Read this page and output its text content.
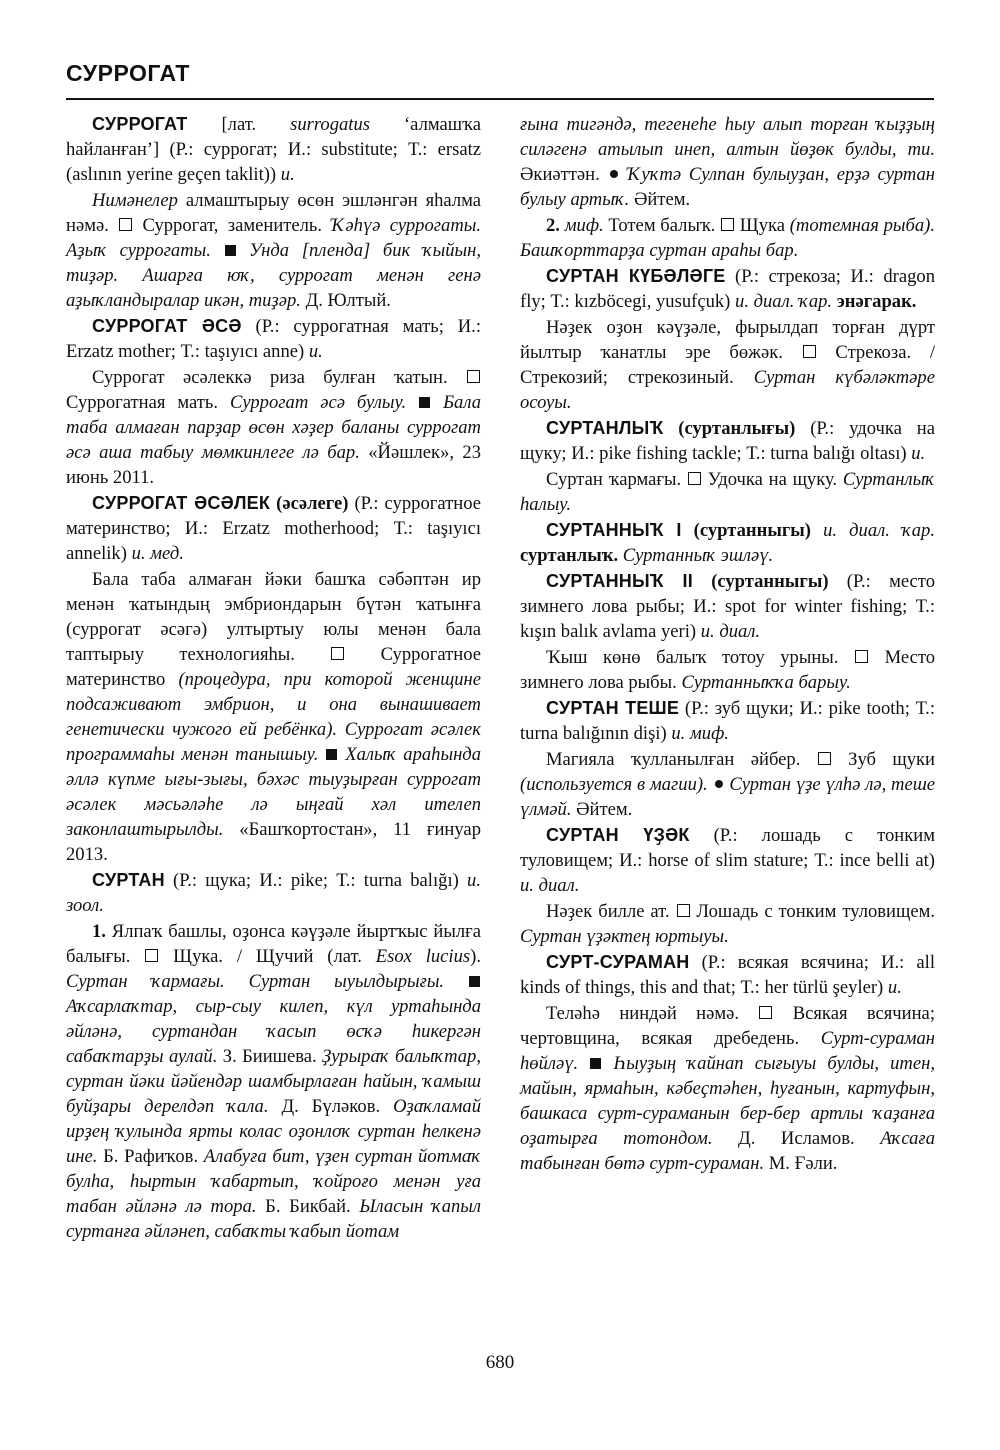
СУРРОГАТ

СУРРОГАТ [лат. surrogatus ‘алмашҡа һайланған’] (Р.: суррогат; И.: substitute; Т.: ersatz (aslının yerine geçen taklit)) и.

Нимәнелер алмаштырыу өсөн эшләнгән яһалма нәмә.  Суррогат, заменитель. Ҡәһүә суррогаты. Аҙыҡ суррогаты. Унда [пленда] бик ҡыйын, тиҙәр. Ашарға юҡ, суррогат менән генә аҙыҡландыралар икән, тиҙәр. Д. Юлтый.

СУРРОГАТ ӘСӘ (Р.: суррогатная мать; И.: Erzatz mother; Т.: taşıyıcı anne) и.

Суррогат әсәлеккә риза булған ҡатын.  Суррогатная мать. Суррогат әсә булыу. Бала таба алмаған парҙар өсөн хәҙер баланы суррогат әсә аша табыу мөмкинлеге лә бар. «Йәшлек», 23 июнь 2011.

СУРРОГАТ ӘСӘЛЕК (әсәлеге) (Р.: суррогатное материнство; И.: Erzatz motherhood; Т.: taşıyıcı annelik) и. мед.

Бала таба алмаған йәки башҡа сәбәптән ир менән ҡатындың эмбриондарын бүтән ҡатынға (суррогат әсәгә) ултыртыу юлы менән бала таптырыу технологияһы.  Суррогатное материнство (процедура, при которой женщине подсаживают эмбрион, и она вынашивает генетически чужого ей ребёнка). Суррогат әсәлек программаһы менән танышыу. Халыҡ араһында әллә күпме ығы-зығы, бәхәс тыуҙырған суррогат әсәлек мәсьәләһе лә ыңғай хәл ителеп законлаштырылды. «Башҡортостан», 11 ғинуар 2013.

СУРТАН (Р.: щука; И.: pike; Т.: turna balığı) и. зоол.

1. Ялпаҡ башлы, оҙонса кәүҙәле йыртҡыс йылға балығы.  Щука. / Щучий (лат. Esox lucius). Суртан ҡармағы. Суртан ыуылдырығы.  Аҡсарлаҡтар, сыр-сыу килеп, күл уртаһында әйләнә, суртандан ҡасып өсҡә һикергән сабаҡтарҙы аулай. З. Биишева. Ҙурыраҡ балыҡтар, суртан йәки йәйендәр шамбырлаған һайын, ҡамыш буйҙары дерелдәп ҡала. Д. Бүләков. Оҙаҡламай ирҙең ҡулында ярты колас оҙонлоҡ суртан һелкенә ине. Б. Рафиҡов. Алабуға бит, үҙен суртан йотмаҡ булһа, һыртын ҡабартып, ҡойроғо менән уға табан әйләнә лә тора. Б. Бикбай. Ыласын ҡапыл суртанға әйләнеп, сабаҡты ҡабып йотам

ғына тигәндә, тегенеһе һыу алып торған ҡыҙҙың силәгенә атылып инеп, алтын йөҙөк булды, ти. Әкиәттән.  Ҡуҡтә Сулпан булыуҙан, ерҙә суртан булыу артыҡ. Әйтем.

2. миф. Тотем балыҡ.  Щука (тотемная рыба). Башҡорттарҙа суртан араһы бар.

СУРТАН КҮБӘЛӘГЕ (Р.: стрекоза; И.: dragon fly; Т.: kızböcegi, yusufçuk) и. диал. ҡар. энәгарак.

Нәҙек оҙон кәүҙәле, фырылдап торған дүрт йылтыр ҡанатлы эре бөжәк.  Стрекоза. / Стрекозий; стрекозиный. Суртан күбәләктәре осоуы.

СУРТАНЛЫҠ (суртанлығы) (Р.: удочка на щуку; И.: pike fishing tackle; Т.: turna balığı oltası) и.

Суртан ҡармағы.  Удочка на щуку. Суртанлыҡ һалыу.

СУРТАННЫҠ I (суртанныгы) и. диал. ҡар. суртанлыҡ. Суртанныҡ эшләү.

СУРТАННЫҠ II (суртанныгы) (Р.: место зимнего лова рыбы; И.: spot for winter fishing; Т.: kışın balık avlama yeri) и. диал.

Ҡыш көнө балыҡ тотоу урыны.  Место зимнего лова рыбы. Суртанныҡҡа барыу.

СУРТАН ТЕШЕ (Р.: зуб щуки; И.: pike tooth; Т.: turna balığının dişi) и. миф.

Магияла ҡулланылған әйбер.  Зуб щуки (используется в магии). Суртан үҙе үлһә лә, теше үлмәй. Әйтем.

СУРТАН ҮҘӘК (Р.: лошадь с тонким туловищем; И.: horse of slim stature; Т.: ince belli at) и. диал.

Нәҙек билле ат.  Лошадь с тонким туловищем. Суртан үҙәктең юртыуы.

СУРТ-СУРАМАН (Р.: всякая всячина; И.: all kinds of things, this and that; Т.: her türlü şeyler) и.

Теләһә ниндәй нәмә.  Всякая всячина; чертовщина, всякая дребедень. Сурт-сураман һөйләү. Һыуҙың ҡайнап сығыуы булды, итен, майын, ярмаһын, кәбеҫтәһен, һуғанын, картуфын, башкаса сурт-сураманын бер-бер артлы ҡаҙанға оҙатырға тотондом. Д. Исламов. Аҡсаға табынған бөтә сурт-сураман. М. Ғәли.

680
